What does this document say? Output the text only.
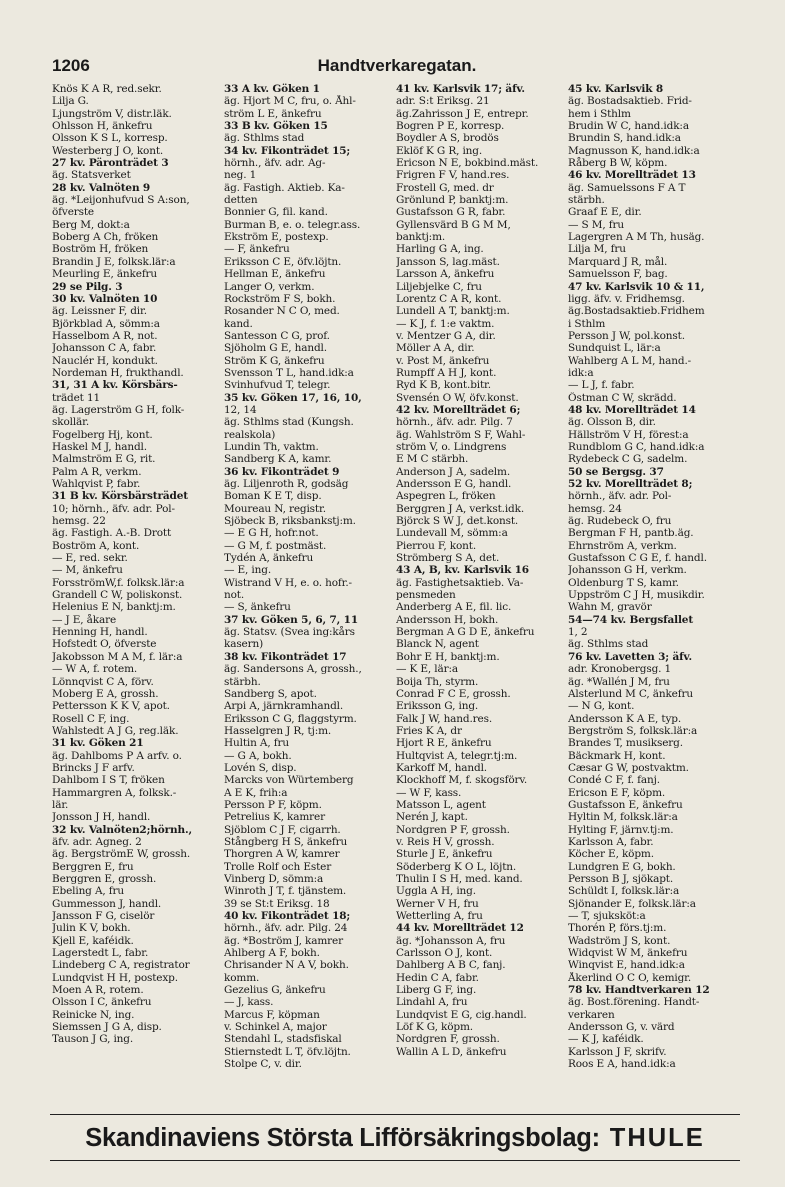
1206	Handtverkaregatan.
Knös K A R, red.sekr.
Lilja G.
Ljungström V, distr.läk.
Ohlsson H, änkefru
Olsson K S L, korresp.
Westerberg J O, kont.
27 kv. Päronträdet 3
äg. Statsverket
28 kv. Valnöten 9
äg. *Leijonhufvud S A:son,
öfverste
Berg M, dokt:a
Boberg A Ch, fröken
Boström H, fröken
Brandin J E, folksk.lär:a
Meurling E, änkefru
29 se Pilg. 3
30 kv. Valnöten 10
äg. Leissner F, dir.
Björkblad A, sömm:a
Hasselbom A R, not.
Johansson C A, fabr.
Nauclér H, kondukt.
Nordeman H, frukthandl.
31, 31 A kv. Körsbärs-
trädet 11
äg. Lagerström G H, folk-
skollär.
Fogelberg Hj, kont.
Haskel M J, handl.
Malmström E G, rit.
Palm A R, verkm.
Wahlqvist P, fabr.
31 B kv. Körsbärsträdet
10; hörnh., äfv. adr. Pol-
hemsg. 22
äg. Fastigh. A.-B. Drott
Boström A, kont.
— E, red. sekr.
— M, änkefru
ForsströmW,f. folksk.lär:a
Grandell C W, poliskonst.
Helenius E N, banktj:m.
— J E, åkare
Henning H, handl.
Hofstedt O, öfverste
Jakobsson M A M, f. lär:a
— W A, f. rotem.
Lönnqvist C A, förv.
Moberg E A, grossh.
Pettersson K K V, apot.
Rosell C F, ing.
Wahlstedt A J G, reg.läk.
31 kv. Göken 21
äg. Dahlboms P A arfv. o.
Brincks J F arfv.
Dahlbom I S T, fröken
Hammargren A, folksk.-
lär.
Jonsson J H, handl.
32 kv. Valnöten2;hörnh.,
äfv. adr. Agneg. 2
äg. BergströmE W, grossh.
Berggren E, fru
Berggren E, grossh.
Ebeling A, fru
Gummesson J, handl.
Jansson F G, ciselör
Julin K V, bokh.
Kjell E, kaféidk.
Lagerstedt L, fabr.
Lindeberg C A, registrator
Lundqvist H H, postexp.
Moen A R, rotem.
Olsson I C, änkefru
Reinicke N, ing.
Siemssen J G A, disp.
Tauson J G, ing.
33 A kv. Göken 1
äg. Hjort M C, fru, o. Åhl-
ström L E, änkefru
33 B kv. Göken 15
äg. Sthlms stad
34 kv. Fikonträdet 15;
hörnh., äfv. adr. Ag-
neg. 1
äg. Fastigh. Aktieb. Ka-
detten
Bonnier G, fil. kand.
Burman B, e. o. telegr.ass.
Ekström E, postexp.
— F, änkefru
Eriksson C E, öfv.löjtn.
Hellman E, änkefru
Langer O, verkm.
Rockström F S, bokh.
Rosander N C O, med.
kand.
Santesson C G, prof.
Sjöholm G E, handl.
Ström K G, änkefru
Svensson T L, hand.idk:a
Svinhufvud T, telegr.
35 kv. Göken 17, 16, 10,
12, 14
äg. Sthlms stad (Kungsh.
realskola)
Lundin Th, vaktm.
Sandberg K A, kamr.
36 kv. Fikonträdet 9
äg. Liljenroth R, godsäg
Boman K E T, disp.
Moureau N, registr.
Sjöbeck B, riksbankstj:m.
— E G H, hofr.not.
— G M, f. postmäst.
Tydén A, änkefru
— E, ing.
Wistrand V H, e. o. hofr.-
not.
— S, änkefru
37 kv. Göken 5, 6, 7, 11
äg. Statsv. (Svea ing:kårs
kasern)
38 kv. Fikonträdet 17
äg. Sandersons A, grossh.,
stärbh.
Sandberg S, apot.
Arpi A, järnkramhandl.
Eriksson C G, flaggstyrm.
Hasselgren J R, tj:m.
Hultin A, fru
— G A, bokh.
Lovén S, disp.
Marcks von Würtemberg
A E K, frih:a
Persson P F, köpm.
Petrelius K, kamrer
Sjöblom C J F, cigarrh.
Stångberg H S, änkefru
Thorgren A W, kamrer
Trolle Rolf och Ester
Vinberg D, sömm:a
Winroth J T, f. tjänstem.
39 se St:t Eriksg. 18
40 kv. Fikonträdet 18;
hörnh., äfv. adr. Pilg. 24
äg. *Boström J, kamrer
Ahlberg A F, bokh.
Chrisander N A V, bokh.
komm.
Gezelius G, änkefru
— J, kass.
Marcus F, köpman
v. Schinkel A, major
Stendahl L, stadsfiskal
Stiernstedt L T, öfv.löjtn.
Stolpe C, v. dir.
41 kv. Karlsvik 17; äfv.
adr. S:t Eriksg. 21
äg.Zahrisson J E, entrepr.
Bogren P E, korresp.
Boydler A S, brodös
Eklöf K G R, ing.
Ericson N E, bokbind.mäst.
Frigren F V, hand.res.
Frostell G, med. dr
Grönlund P, banktj:m.
Gustafsson G R, fabr.
Gyllensvärd B G M M,
banktj:m.
Harling G A, ing.
Jansson S, lag.mäst.
Larsson A, änkefru
Liljebjelke C, fru
Lorentz C A R, kont.
Lundell A T, banktj:m.
— K J, f. 1:e vaktm.
v. Mentzer G A, dir.
Möller A A, dir.
v. Post M, änkefru
Rumpff A H J, kont.
Ryd K B, kont.bitr.
Svensén O W, öfv.konst.
42 kv. Morellträdet 6;
hörnh., äfv. adr. Pilg. 7
äg. Wahlström S F, Wahl-
ström V, o. Lindgrens
E M C stärbh.
Anderson J A, sadelm.
Andersson E G, handl.
Aspegren L, fröken
Berggren J A, verkst.idk.
Björck S W J, det.konst.
Lundevall M, sömm:a
Pierrou F, kont.
Strömberg S A, det.
43 A, B, kv. Karlsvik 16
äg. Fastighetsaktieb. Va-
pensmeden
Anderberg A E, fil. lic.
Andersson H, bokh.
Bergman A G D E, änkefru
Blanck N, agent
Bohr E H, banktj:m.
— K E, lär:a
Boija Th, styrm.
Conrad F C E, grossh.
Eriksson G, ing.
Falk J W, hand.res.
Fries K A, dr
Hjort R E, änkefru
Hultqvist A, telegr.tj:m.
Karkoff M, handl.
Klockhoff M, f. skogsförv.
— W F, kass.
Matsson L, agent
Nerén J, kapt.
Nordgren P F, grossh.
v. Reis H V, grossh.
Sturle J E, änkefru
Söderberg K O L, löjtn.
Thulin I S H, med. kand.
Uggla A H, ing.
Werner V H, fru
Wetterling A, fru
44 kv. Morellträdet 12
äg. *Johansson A, fru
Carlsson O J, kont.
Dahlberg A B C, fanj.
Hedin C A, fabr.
Liberg G F, ing.
Lindahl A, fru
Lundqvist E G, cig.handl.
Löf K G, köpm.
Nordgren F, grossh.
Wallin A L D, änkefru
45 kv. Karlsvik 8
äg. Bostadsaktieb. Frid-
hem i Sthlm
Brudin W C, hand.idk:a
Brundin S, hand.idk:a
Magnusson K, hand.idk:a
Råberg B W, köpm.
46 kv. Morellträdet 13
äg. Samuelssons F A T
stärbh.
Graaf E E, dir.
— S M, fru
Lagergren A M Th, husäg.
Lilja M, fru
Marquard J R, mål.
Samuelsson F, bag.
47 kv. Karlsvik 10 & 11,
ligg. äfv. v. Fridhemsg.
äg.Bostadsaktieb.Fridhem
i Sthlm
Persson J W, pol.konst.
Sundquist L, lär:a
Wahlberg A L M, hand.-
idk:a
— L J, f. fabr.
Östman C W, skrädd.
48 kv. Morellträdet 14
äg. Olsson B, dir.
Hällström V H, förest:a
Rundblom G C, hand.idk:a
Rydebeck C G, sadelm.
50 se Bergsg. 37
52 kv. Morellträdet 8;
hörnh., äfv. adr. Pol-
hemsg. 24
äg. Rudebeck O, fru
Bergman F H, pantb.äg.
Ehrnström A, verkm.
Gustafsson C G E, f. handl.
Johansson G H, verkm.
Oldenburg T S, kamr.
Uppström C J H, musikdir.
Wahn M, gravör
54—74 kv. Bergsfallet
1, 2
äg. Sthlms stad
76 kv. Lavetten 3; äfv.
adr. Kronobergsg. 1
äg. *Wallén J M, fru
Alsterlund M C, änkefru
— N G, kont.
Andersson K A E, typ.
Bergström S, folksk.lär:a
Brandes T, musikserg.
Bäckmark H, kont.
Cæsar G W, postvaktm.
Condé C F, f. fanj.
Ericson E F, köpm.
Gustafsson E, änkefru
Hyltin M, folksk.lär:a
Hylting F, järnv.tj:m.
Karlsson A, fabr.
Köcher E, köpm.
Lundgren E G, bokh.
Persson B J, sjökapt.
Schüldt I, folksk.lär:a
Sjönander E, folksk.lär:a
— T, sjuksköt:a
Thorén P, förs.tj:m.
Wadström J S, kont.
Widqvist W M, änkefru
Winqvist E, hand.idk:a
Åkerlind O C O, kemigr.
78 kv. Handtverkaren 12
äg. Bost.förening. Handt-
verkaren
Andersson G, v. värd
— K J, kaféidk.
Karlsson J F, skrifv.
Roos E A, hand.idk:a
Skandinaviens Största Lifförsäkringsbolag: THULE
